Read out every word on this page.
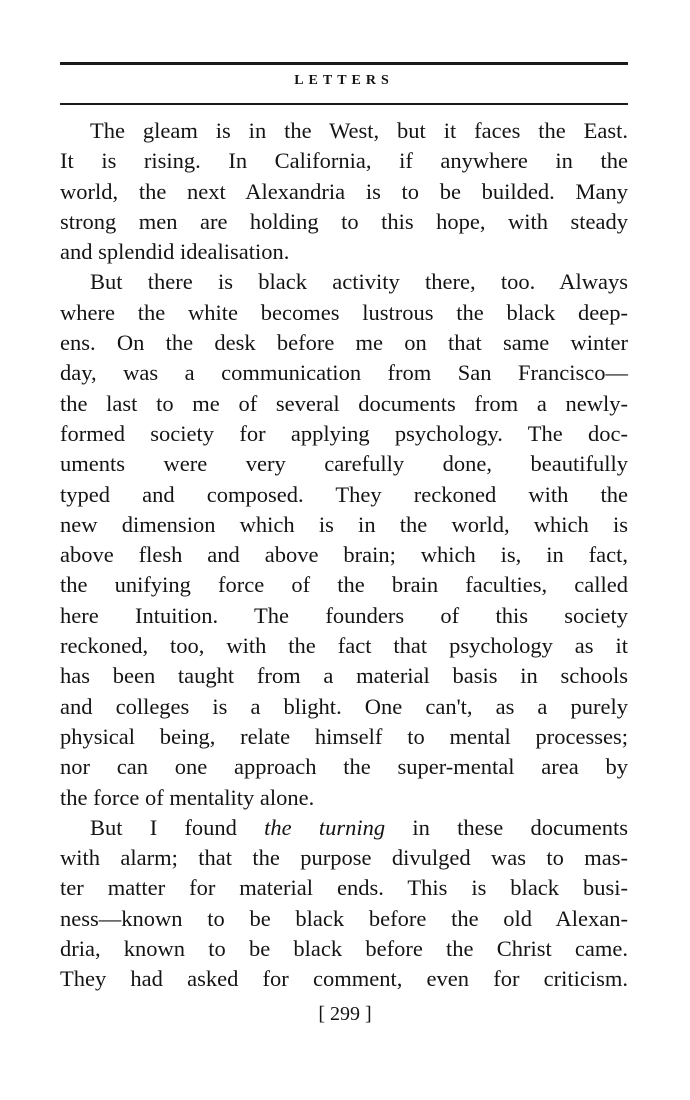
LETTERS
The gleam is in the West, but it faces the East.
It is rising. In California, if anywhere in the
world, the next Alexandria is to be builded. Many
strong men are holding to this hope, with steady
and splendid idealisation.
But there is black activity there, too. Always
where the white becomes lustrous the black deep-
ens. On the desk before me on that same winter
day, was a communication from San Francisco—
the last to me of several documents from a newly-
formed society for applying psychology. The doc-
uments were very carefully done, beautifully
typed and composed. They reckoned with the
new dimension which is in the world, which is
above flesh and above brain; which is, in fact,
the unifying force of the brain faculties, called
here Intuition. The founders of this society
reckoned, too, with the fact that psychology as it
has been taught from a material basis in schools
and colleges is a blight. One can't, as a purely
physical being, relate himself to mental processes;
nor can one approach the super-mental area by
the force of mentality alone.
But I found the turning in these documents
with alarm; that the purpose divulged was to mas-
ter matter for material ends. This is black busi-
ness—known to be black before the old Alexan-
dria, known to be black before the Christ came.
They had asked for comment, even for criticism.
[ 299 ]
